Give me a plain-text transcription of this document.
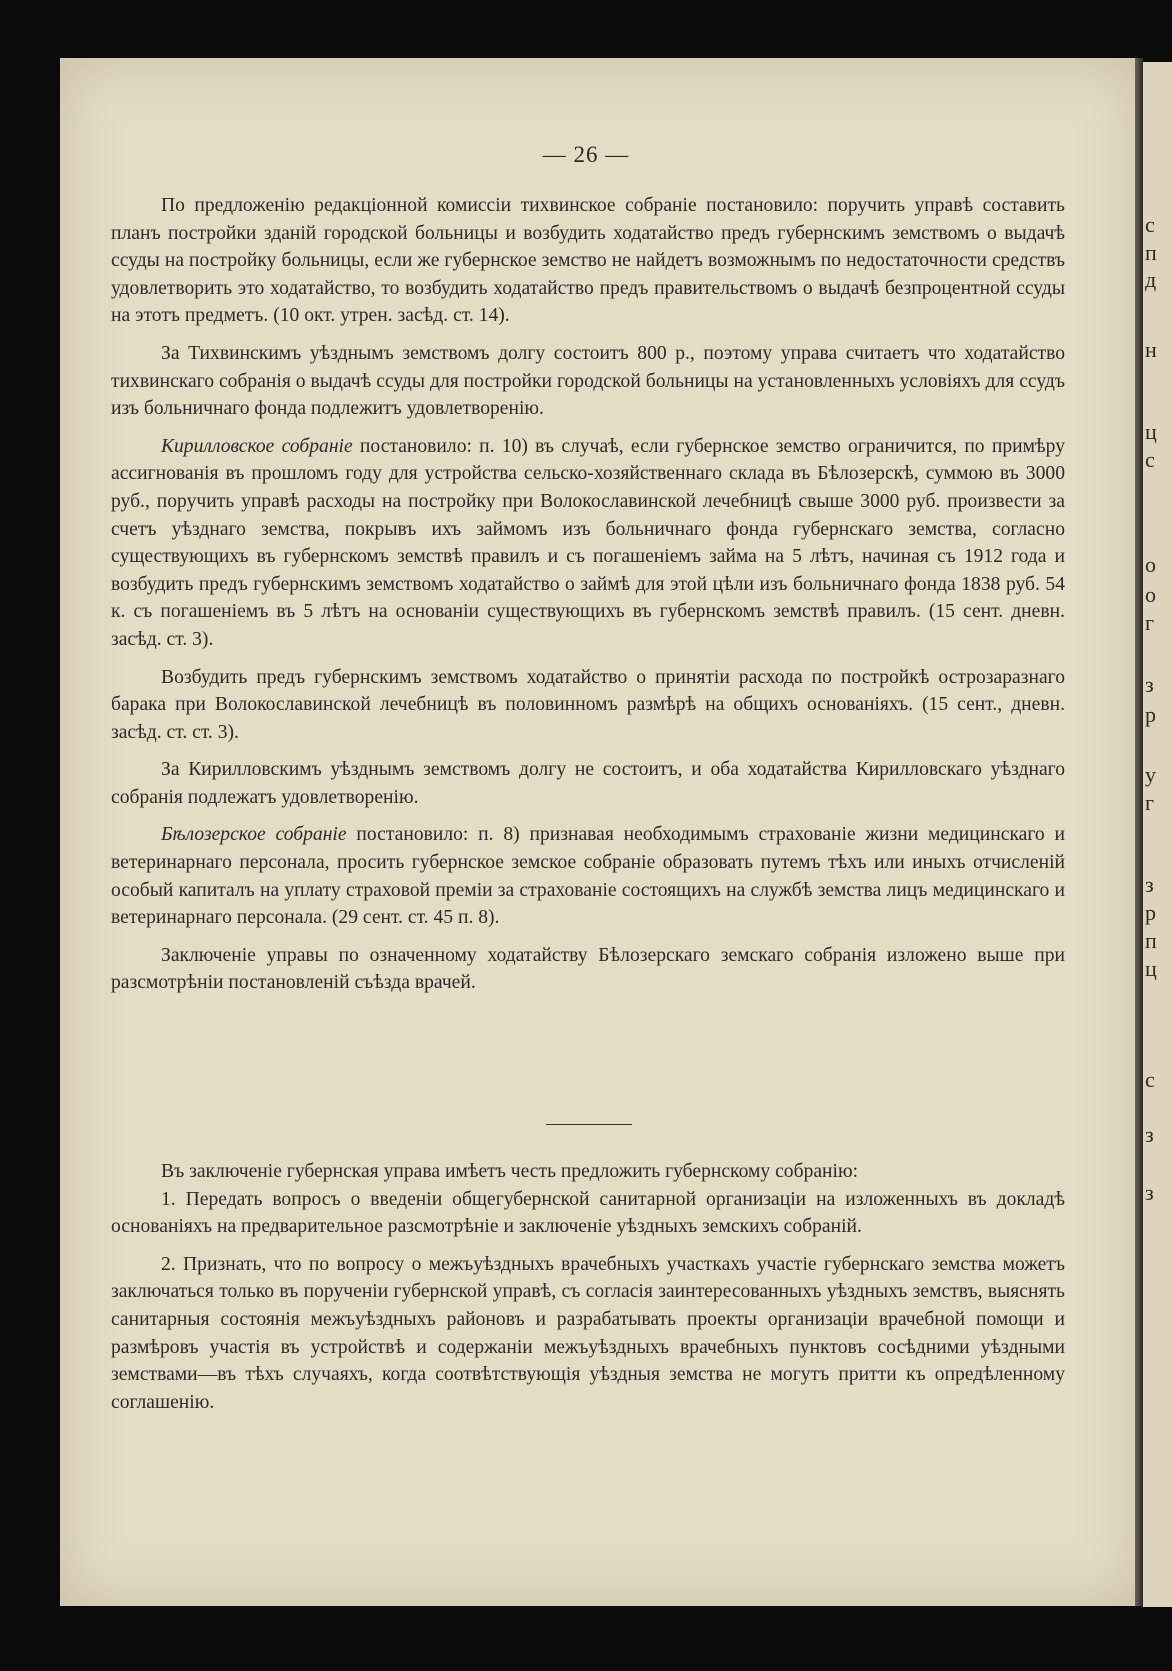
с
п
д
н
ц
с
о
о
г
з
р
у
г
з
р
п
ц
с
з
з
— 26 —

По предложенію редакціонной комиссіи тихвинское собраніе постановило: поручить управѣ составить планъ постройки зданій городской больницы и возбудить ходатайство предъ губернскимъ земствомъ о выдачѣ ссуды на постройку больницы, если же губернское земство не найдетъ возможнымъ по недостаточности средствъ удовлетворить это ходатайство, то возбудить ходатайство предъ правительствомъ о выдачѣ безпроцентной ссуды на этотъ предметъ. (10 окт. утрен. засѣд. ст. 14).

За Тихвинскимъ уѣзднымъ земствомъ долгу состоитъ 800 р., поэтому управа считаетъ что ходатайство тихвинскаго собранія о выдачѣ ссуды для постройки городской больницы на установленныхъ условіяхъ для ссудъ изъ больничнаго фонда подлежитъ удовлетворенію.

Кирилловское собраніе постановило: п. 10) въ случаѣ, если губернское земство ограничится, по примѣру ассигнованія въ прошломъ году для устройства сельско-хозяйственнаго склада въ Бѣлозерскѣ, суммою въ 3000 руб., поручить управѣ расходы на постройку при Волокославинской лечебницѣ свыше 3000 руб. произвести за счетъ уѣзднаго земства, покрывъ ихъ займомъ изъ больничнаго фонда губернскаго земства, согласно существующихъ въ губернскомъ земствѣ правилъ и съ погашеніемъ займа на 5 лѣтъ, начиная съ 1912 года и возбудить предъ губернскимъ земствомъ ходатайство о займѣ для этой цѣли изъ больничнаго фонда 1838 руб. 54 к. съ погашеніемъ въ 5 лѣтъ на основаніи существующихъ въ губернскомъ земствѣ правилъ. (15 сент. дневн. засѣд. ст. 3).

Возбудить предъ губернскимъ земствомъ ходатайство о принятіи расхода по постройкѣ острозаразнаго барака при Волокославинской лечебницѣ въ половинномъ размѣрѣ на общихъ основаніяхъ. (15 сент., дневн. засѣд. ст. ст. 3).

За Кирилловскимъ уѣзднымъ земствомъ долгу не состоитъ, и оба ходатайства Кирилловскаго уѣзднаго собранія подлежатъ удовлетворенію.

Бѣлозерское собраніе постановило: п. 8) признавая необходимымъ страхованіе жизни медицинскаго и ветеринарнаго персонала, просить губернское земское собраніе образовать путемъ тѣхъ или иныхъ отчисленій особый капиталъ на уплату страховой преміи за страхованіе состоящихъ на службѣ земства лицъ медицинскаго и ветеринарнаго персонала. (29 сент. ст. 45 п. 8).

Заключеніе управы по означенному ходатайству Бѣлозерскаго земскаго собранія изложено выше при разсмотрѣніи постановленій съѣзда врачей.

Въ заключеніе губернская управа имѣетъ честь предложить губернскому собранію:

1. Передать вопросъ о введеніи общегубернской санитарной организаціи на изложенныхъ въ докладѣ основаніяхъ на предварительное разсмотрѣніе и заключеніе уѣздныхъ земскихъ собраній.

2. Признать, что по вопросу о межъуѣздныхъ врачебныхъ участкахъ участіе губернскаго земства можетъ заключаться только въ порученіи губернской управѣ, съ согласія заинтересованныхъ уѣздныхъ земствъ, выяснять санитарныя состоянія межъуѣздныхъ районовъ и разрабатывать проекты организаціи врачебной помощи и размѣровъ участія въ устройствѣ и содержаніи межъуѣздныхъ врачебныхъ пунктовъ сосѣдними уѣздными земствами—въ тѣхъ случаяхъ, когда соотвѣтствующія уѣздныя земства не могутъ притти къ опредѣленному соглашенію.
